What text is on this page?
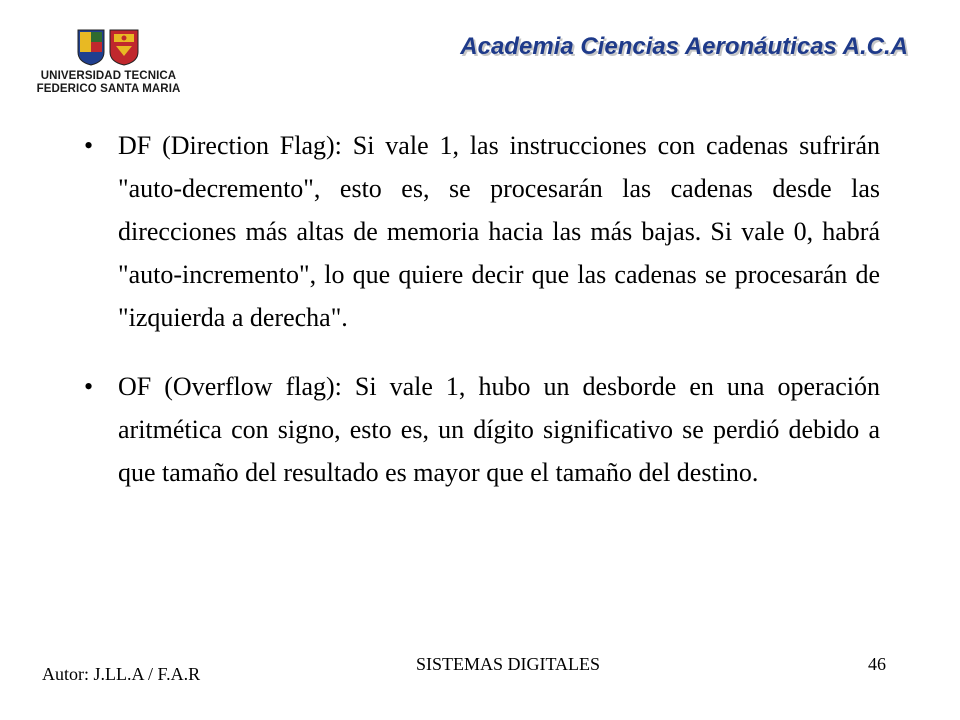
UNIVERSIDAD TECNICA
FEDERICO SANTA MARIA
Academia Ciencias Aeronáuticas A.C.A
• DF (Direction Flag): Si vale 1, las instrucciones con cadenas sufrirán "auto-decremento", esto es, se procesarán las cadenas desde las direcciones más altas de memoria hacia las más bajas. Si vale 0, habrá "auto-incremento", lo que quiere decir que las cadenas se procesarán de "izquierda a derecha".
• OF (Overflow flag): Si vale 1, hubo un desborde en una operación aritmética con signo, esto es, un dígito significativo se perdió debido a que tamaño del resultado es mayor que el tamaño del destino.
Autor: J.LL.A / F.A.R	SISTEMAS DIGITALES	46
